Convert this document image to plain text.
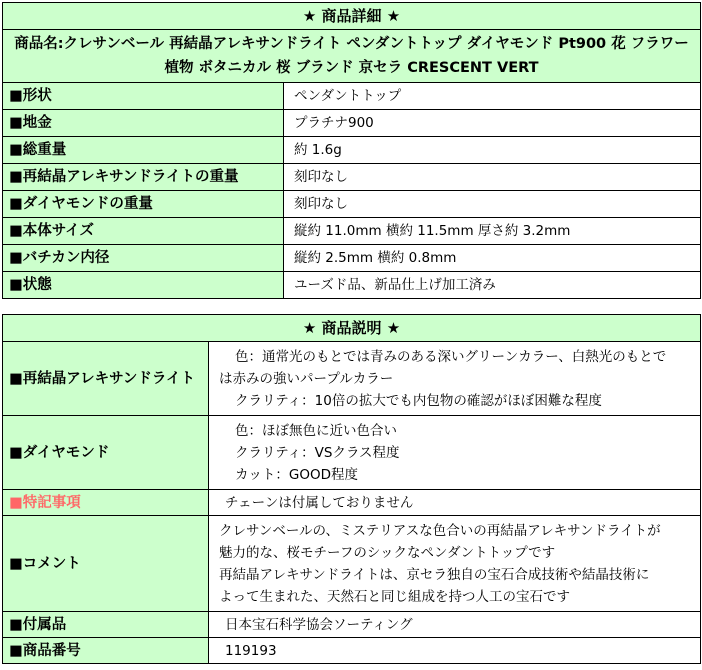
★ 商品詳細 ★	
商品名:クレサンベール 再結晶アレキサンドライト ペンダントトップ ダイヤモンド Pt900 花 フラワー 植物 ボタニカル 桜 ブランド 京セラ CRESCENT VERT	
■形状	ペンダントトップ
■地金	プラチナ900
■総重量	約 1.6g
■再結晶アレキサンドライトの重量	刻印なし
■ダイヤモンドの重量	刻印なし
■本体サイズ	縦約 11.0mm 横約 11.5mm 厚さ約 3.2mm
■バチカン内径	縦約 2.5mm 横約 0.8mm
■状態	ユーズド品、新品仕上げ加工済み
★ 商品説明 ★	
■再結晶アレキサンドライト	色：通常光のもとでは青みのある深いグリーンカラー、白熱光のもとで
は赤みの強いパープルカラー
クラリティ：10倍の拡大でも内包物の確認がほぼ困難な程度

■ダイヤモンド	色：ほぼ無色に近い色合い
クラリティ：VSクラス程度
カット：GOOD程度

■特記事項	チェーンは付属しておりません
■コメント	クレサンベールの、ミステリアスな色合いの再結晶アレキサンドライトが
魅力的な、桜モチーフのシックなペンダントトップです
再結晶アレキサンドライトは、京セラ独自の宝石合成技術や結晶技術に
よって生まれた、天然石と同じ組成を持つ人工の宝石です

■付属品	日本宝石科学協会ソーティング
■商品番号	119193
